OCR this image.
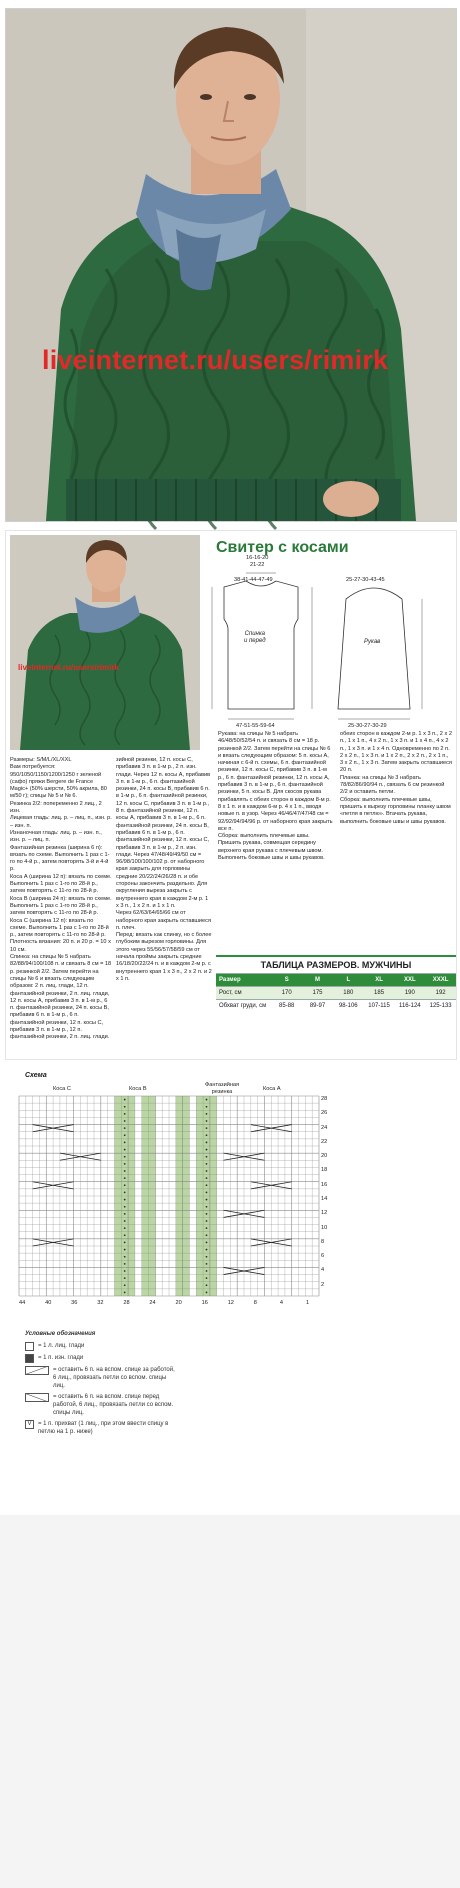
liveinternet.ru/users/rimirk
liveinternet.ru/users/rimirk
Свитер с косами
16-16-20
21-22
Спинка
и перед	Рукав
47-51-55-59-64	25-30-27-30-29
38-41-44-47-49	25-27-30-43-45
Размеры: S/M/L/XL/XXL
Вам потребуется: 950/1050/1150/1200/1250 г зеленой (сафо) пряжи Bergere de France Magic+ (50% шерсти, 50% акрила, 80 м/50 г); спицы № 5 и № 6.
Резинка 2/2: попеременно 2 лиц., 2 изн.
Лицевая гладь: лиц. р. – лиц. п., изн. р. – изн. п.
Изнаночная гладь: лиц. р. – изн. п., изн. р. – лиц. п.
Фантазийная резинка (ширина 6 п): вязать по схеме. Выполнить 1 раз с 1-го по 4-й р., затем повторять 3-й и 4-й р.
Коса А (ширина 12 п): вязать по схеме. Выполнить 1 раз с 1-го по 28-й р., затем повторять с 11-го по 28-й р.
Коса В (ширина 24 п): вязать по схеме. Выполнить 1 раз с 1-го по 28-й р., затем повторять с 11-го по 28-й р.
Коса С (ширина 12 п): вязать по схеме. Выполнить 1 раз с 1-го по 28-й р., затем повторять с 11-го по 28-й р.
Плотность вязания: 20 п. и 20 р. = 10 х 10 см.
Спинка: на спицы № 5 набрать 82/88/94/100/108 п. и связать 8 см = 18 р. резинкой 2/2. Затем перейти на спицы № 6 и вязать следующим образом: 2 п. лиц. глади, 12 п. фантазийной резинки, 2 п. лиц. глади, 12 п. косы А, прибавив 3 п. в 1-м р., 6 п. фантазийной резинки, 24 п. косы В, прибавив 6 п. в 1-м р., 6 п. фантазийной резинки, 12 п. косы С, прибавив 3 п. в 1-м р., 12 п. фантазийной резинки, 2 п. лиц. глади.
зийной резинки, 12 п. косы С, прибавив 3 п. в 1-м р., 2 п. изн. глади. Через 12 п. косы А, прибавив 3 п. в 1-м р., 6 п. фантазийной резинки, 24 п. косы В, прибавив 6 п. в 1-м р., 6 п. фантазийной резинки, 12 п. косы С, прибавив 3 п. в 1-м р., 8 п. фантазийной резинки, 12 п. косы А, прибавив 3 п. в 1-м р., 6 п. фантазийной резинки, 24 п. косы В, прибавив 6 п. в 1-м р., 6 п. фантазийной резинки, 12 п. косы С, прибавив 3 п. в 1-м р., 2 п. изн. глади. Через 47/48/49/49/50 см = 96/98/100/100/102 р. от наборного края закрыть для горловины средние 20/22/24/26/28 п. и обе стороны закончить раздельно. Для округления выреза закрыть с внутреннего края в каждом 2-м р. 1 х 3 п., 1 х 2 п. и 1 х 1 п.
Через 62/63/64/65/66 см от наборного края закрыть оставшиеся п. плеч.
Перед: вязать как спинку, но с более глубоким вырезом горловины. Для этого через 55/56/57/58/59 см от начала проймы закрыть средние 16/18/20/22/24 п. и в каждом 2-м р. с внутреннего края 1 х 3 п., 2 х 2 п. и 2 х 1 п.
Рукава: на спицы № 5 набрать 46/48/50/52/54 п. и связать 8 см = 18 р. резинкой 2/2. Затем перейти на спицы № 6 и вязать следующим образом: 5 п. косы А, начиная с 6-й п. схемы, 6 п. фантазийной резинки, 12 п. косы С, прибавив 3 п. в 1-м р., 6 п. фантазийной резинки, 12 п. косы А, прибавив 3 п. в 1-м р., 6 п. фантазийной резинки, 5 п. косы В. Для скосов рукава прибавлять с обеих сторон в каждом 8-м р. 8 х 1 п. и в каждом 6-м р. 4 х 1 п., вводя новые п. в узор. Через 46/46/47/47/48 см = 92/92/94/94/96 р. от наборного края закрыть все п.
Сборка: выполнить плечевые швы. Пришить рукава, совмещая середину верхнего края рукава с плечевым швом. Выполнить боковые швы и швы рукавов.
обеих сторон в каждом 2-м р. 1 х 3 п., 2 х 2 п., 1 х 1 п., 4 х 2 п., 1 х 3 п. и 1 х 4 п., 4 х 2 п., 1 х 3 п. и 1 х 4 п. Одновременно по 2 п. 2 х 2 п., 1 х 3 п. и 1 х 2 п., 2 х 2 п., 2 х 1 п., 3 х 2 п., 1 х 3 п. Затем закрыть оставшиеся 20 п.
Планка: на спицы № 3 набрать 78/82/86/90/94 п., связать 6 см резинкой 2/2 и оставить петли.
Сборка: выполнить плечевые швы, пришить к вырезу горловины планку швом «петля в петлю». Втачать рукава, выполнить боковые швы и швы рукавов.
ТАБЛИЦА РАЗМЕРОВ. МУЖЧИНЫ
Размер	S	M	L	XL	XXL	XXXL
Рост, см	170	175	180	185	190	192
Обхват груди, см	85-88	89-97	98-106	107-115	116-124	125-133
Схема
Коса С	Коса В
Фантазийная
резинка
Коса А
28
26
24
22
20
18
16
14
12
10
8
6
4
2
44	40	36	32	28	24	20	16	12	8	4	1
Условные обозначения
= 1 л. лиц. глади
= 1 п. изн. глади
= оставить 6 п. на вспом. спице за работой, 6 лиц., провязать петли со вспом. спицы лиц.
= оставить 6 п. на вспом. спице перед работой, 6 лиц., провязать петли со вспом. спицы лиц.
V	= 1 п. прихват (1 лиц., при этом ввести спицу в петлю на 1 р. ниже)
